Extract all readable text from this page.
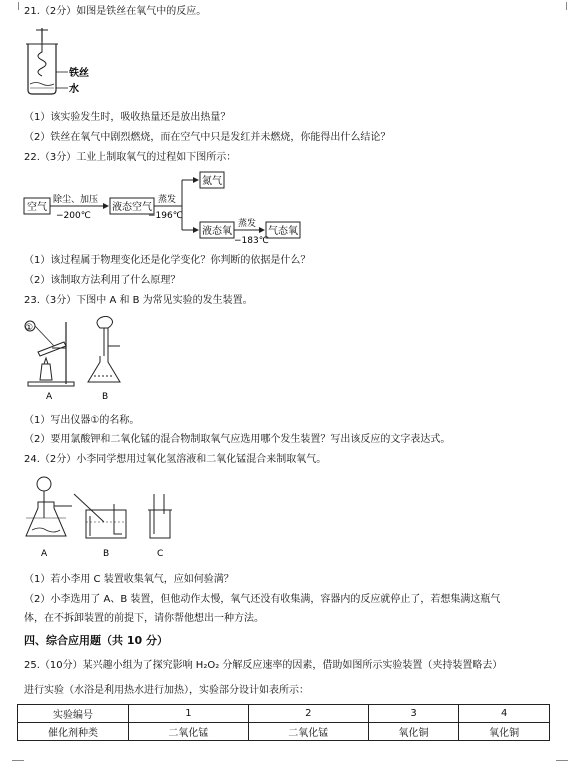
21.（2分）如图是铁丝在氧气中的反应。
铁丝
水
（1）该实验发生时，吸收热量还是放出热量？
（2）铁丝在氧气中剧烈燃烧，而在空气中只是发红并未燃烧，你能得出什么结论？
22.（3分）工业上制取氧气的过程如下图所示：
空气
除尘、加压
−200℃
液态空气
蒸发
−196℃
氮气
液态氧
蒸发
−183℃
气态氧
（1）该过程属于物理变化还是化学变化？你判断的依据是什么？
（2）该制取方法利用了什么原理？
23.（3分）下图中 A 和 B 为常见实验的发生装置。
①
A	B
（1）写出仪器①的名称。
（2）要用氯酸钾和二氧化锰的混合物制取氧气应选用哪个发生装置？写出该反应的文字表达式。
24.（2分）小李同学想用过氧化氢溶液和二氧化锰混合来制取氧气。
A	B	C
（1）若小李用 C 装置收集氧气，应如何验满？
（2）小李选用了 A、B 装置，但他动作太慢，氧气还没有收集满，容器内的反应就停止了，若想集满这瓶气
体，在不拆卸装置的前提下，请你帮他想出一种方法。
四、综合应用题（共 10 分）
25.（10分）某兴趣小组为了探究影响 H₂O₂ 分解反应速率的因素，借助如图所示实验装置（夹持装置略去）
进行实验（水浴是利用热水进行加热），实验部分设计如表所示：
实验编号	1	2	3	4
催化剂种类	二氧化锰	二氧化锰	氧化铜	氧化铜
